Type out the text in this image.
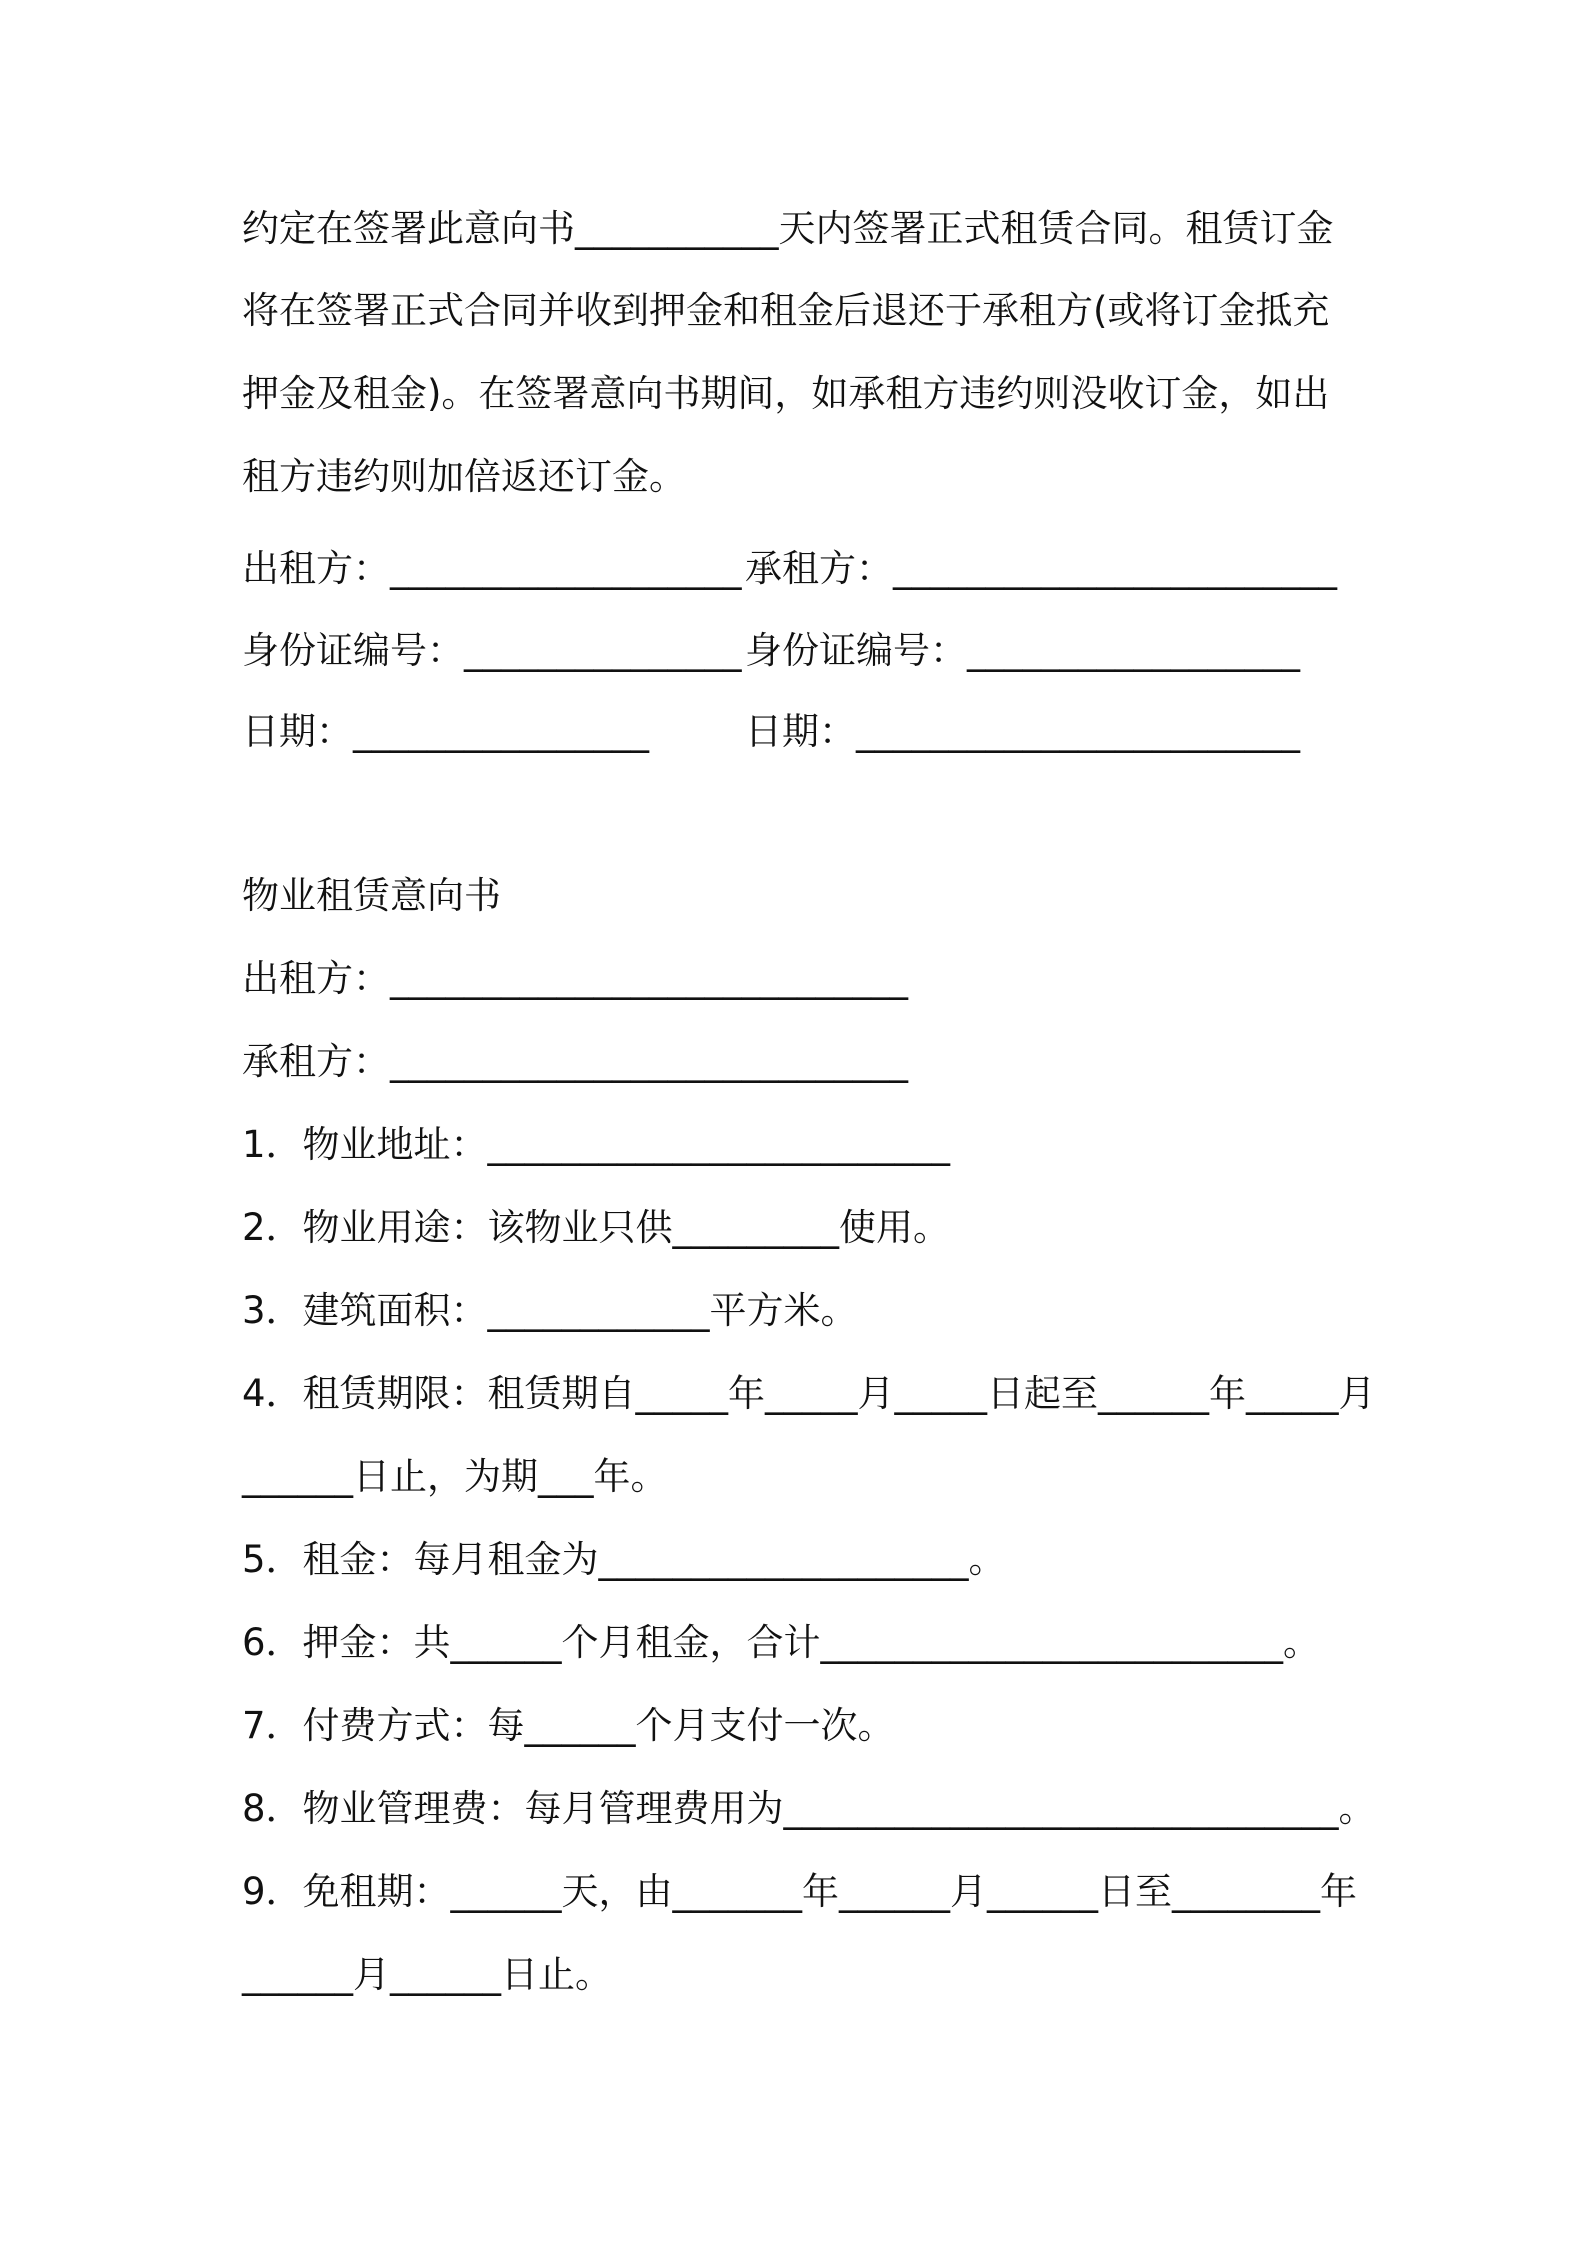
约定在签署此意向书___________天内签署正式租赁合同。租赁订金

将在签署正式合同并收到押金和租金后退还于承租方(或将订金抵充

押金及租金)。在签署意向书期间，如承租方违约则没收订金，如出

租方违约则加倍返还订金。

出租方：___________________ 承租方：________________________

身份证编号：_______________ 身份证编号：__________________

日期：________________	日期：________________________

物业租赁意向书

出租方：____________________________

承租方：____________________________

1．物业地址：_________________________

2．物业用途：该物业只供_________使用。

3．建筑面积：____________平方米。

4．租赁期限：租赁期自_____年_____月_____日起至______年_____月

______日止，为期___年。

5．租金：每月租金为____________________。

6．押金：共______个月租金，合计_________________________。

7．付费方式：每______个月支付一次。

8．物业管理费：每月管理费用为______________________________。

9．免租期：______天，由_______年______月______日至________年

______月______日止。
